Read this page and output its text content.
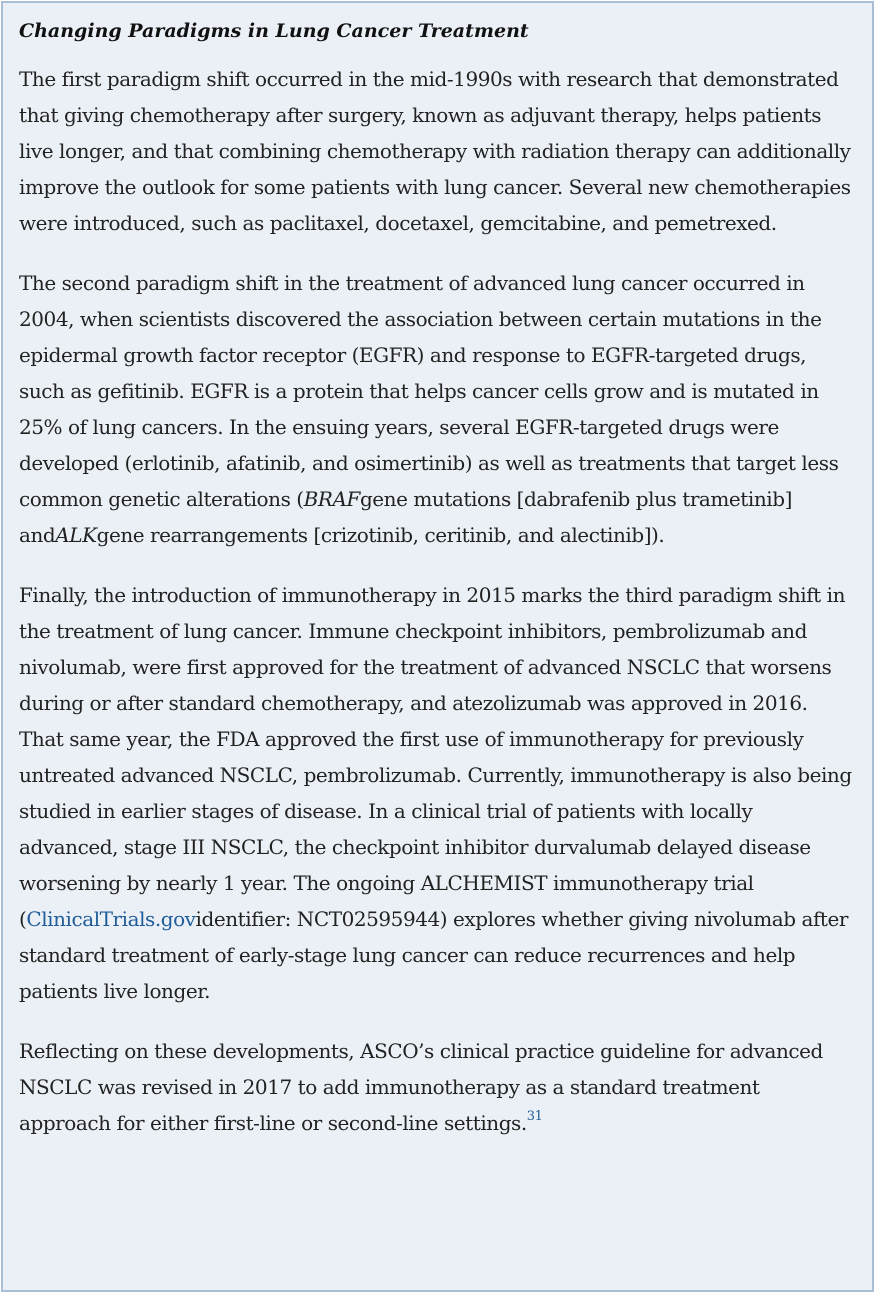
Changing Paradigms in Lung Cancer Treatment

The first paradigm shift occurred in the mid-1990s with research that demonstrated that giving chemotherapy after surgery, known as adjuvant therapy, helps patients live longer, and that combining chemotherapy with radiation therapy can additionally improve the outlook for some patients with lung cancer. Several new chemotherapies were introduced, such as paclitaxel, docetaxel, gemcitabine, and pemetrexed.

The second paradigm shift in the treatment of advanced lung cancer occurred in 2004, when scientists discovered the association between certain mutations in the epidermal growth factor receptor (EGFR) and response to EGFR-targeted drugs, such as gefitinib. EGFR is a protein that helps cancer cells grow and is mutated in 25% of lung cancers. In the ensuing years, several EGFR-targeted drugs were developed (erlotinib, afatinib, and osimertinib) as well as treatments that target less common genetic alterations (BRAFgene mutations [dabrafenib plus trametinib] andALKgene rearrangements [crizotinib, ceritinib, and alectinib]).

Finally, the introduction of immunotherapy in 2015 marks the third paradigm shift in the treatment of lung cancer. Immune checkpoint inhibitors, pembrolizumab and nivolumab, were first approved for the treatment of advanced NSCLC that worsens during or after standard chemotherapy, and atezolizumab was approved in 2016. That same year, the FDA approved the first use of immunotherapy for previously untreated advanced NSCLC, pembrolizumab. Currently, immunotherapy is also being studied in earlier stages of disease. In a clinical trial of patients with locally advanced, stage III NSCLC, the checkpoint inhibitor durvalumab delayed disease worsening by nearly 1 year. The ongoing ALCHEMIST immunotherapy trial (ClinicalTrials.govidentifier: NCT02595944) explores whether giving nivolumab after standard treatment of early-stage lung cancer can reduce recurrences and help patients live longer.

Reflecting on these developments, ASCO’s clinical practice guideline for advanced NSCLC was revised in 2017 to add immunotherapy as a standard treatment approach for either first-line or second-line settings.$^{31}$
